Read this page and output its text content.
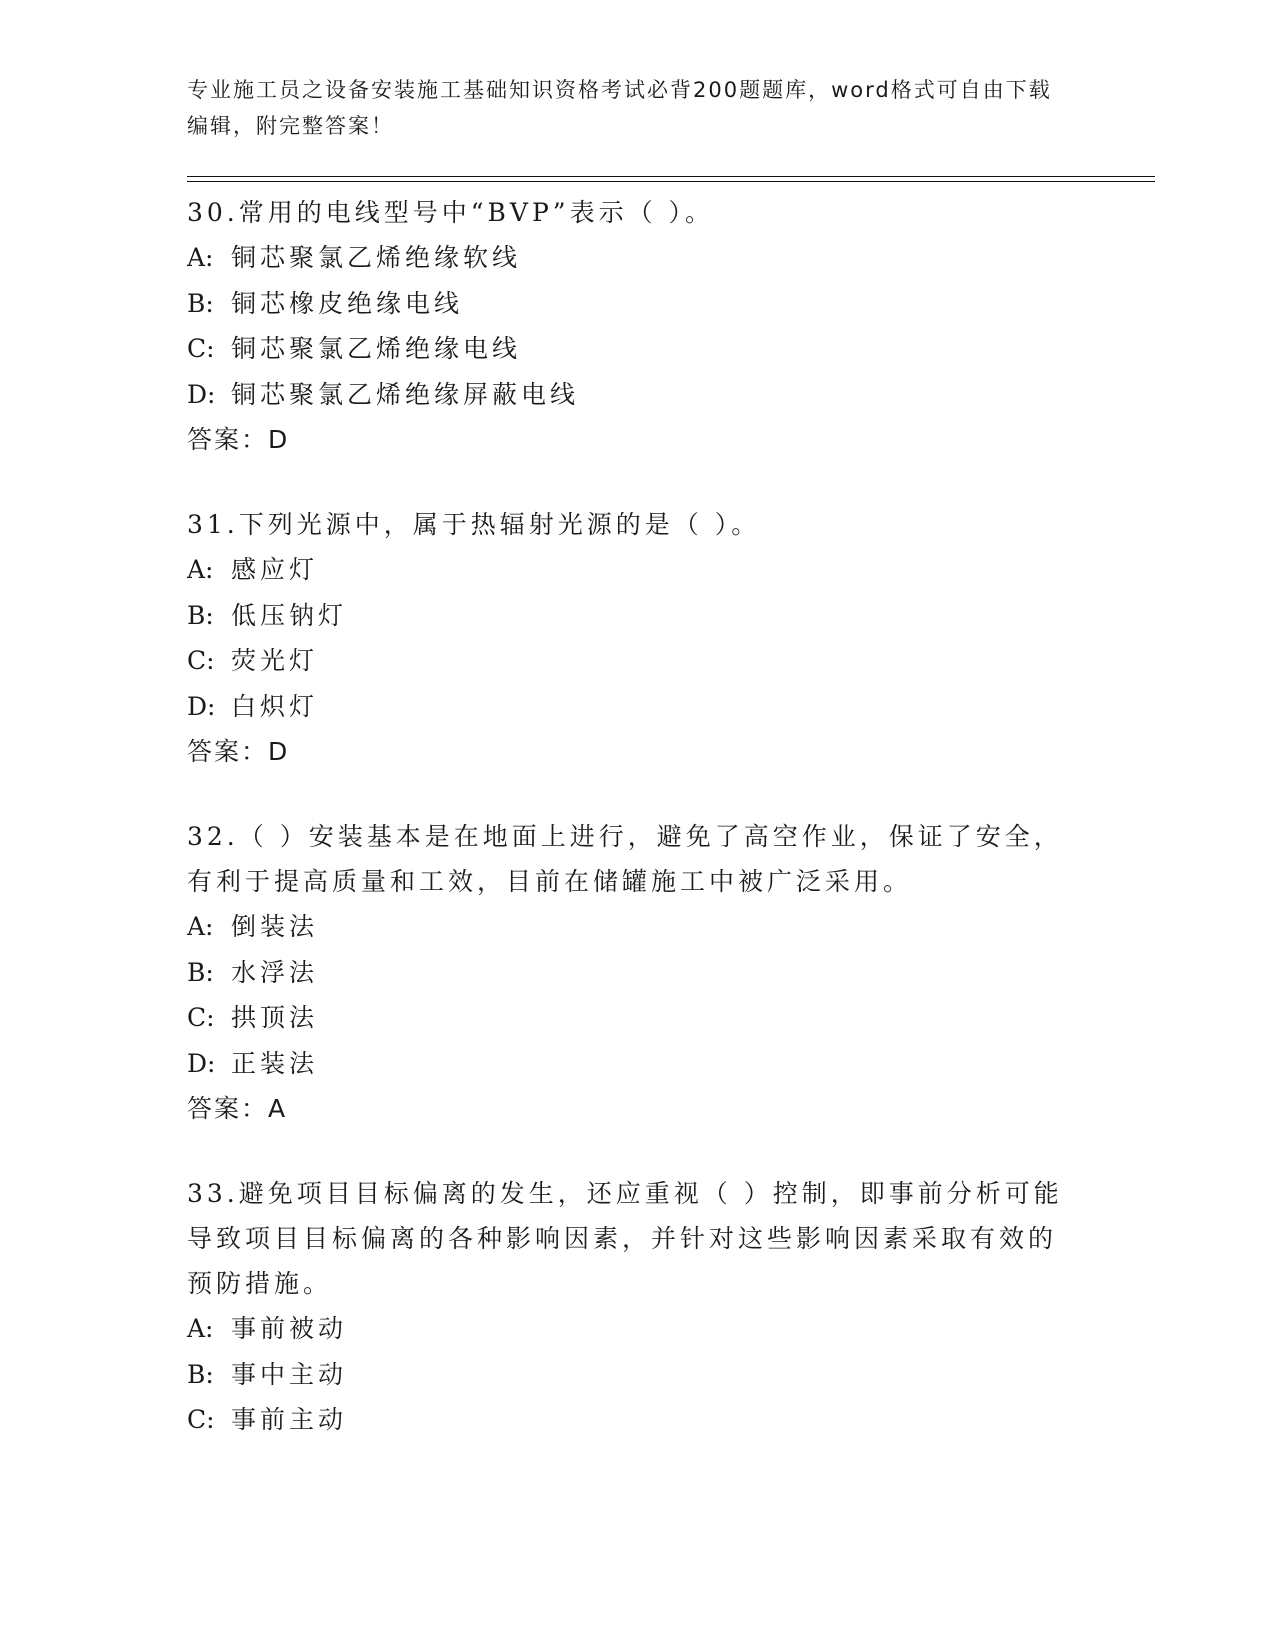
专业施工员之设备安装施工基础知识资格考试必背200题题库，word格式可自由下载编辑，附完整答案！

30.常用的电线型号中“BVP”表示（ ）。

A: 铜芯聚氯乙烯绝缘软线

B: 铜芯橡皮绝缘电线

C: 铜芯聚氯乙烯绝缘电线

D: 铜芯聚氯乙烯绝缘屏蔽电线

答案：D

31.下列光源中，属于热辐射光源的是（ ）。

A: 感应灯

B: 低压钠灯

C: 荧光灯

D: 白炽灯

答案：D

32.（ ）安装基本是在地面上进行，避免了高空作业，保证了安全，有利于提高质量和工效，目前在储罐施工中被广泛采用。

A: 倒装法

B: 水浮法

C: 拱顶法

D: 正装法

答案：A

33.避免项目目标偏离的发生，还应重视（ ）控制，即事前分析可能导致项目目标偏离的各种影响因素，并针对这些影响因素采取有效的预防措施。

A: 事前被动

B: 事中主动

C: 事前主动
